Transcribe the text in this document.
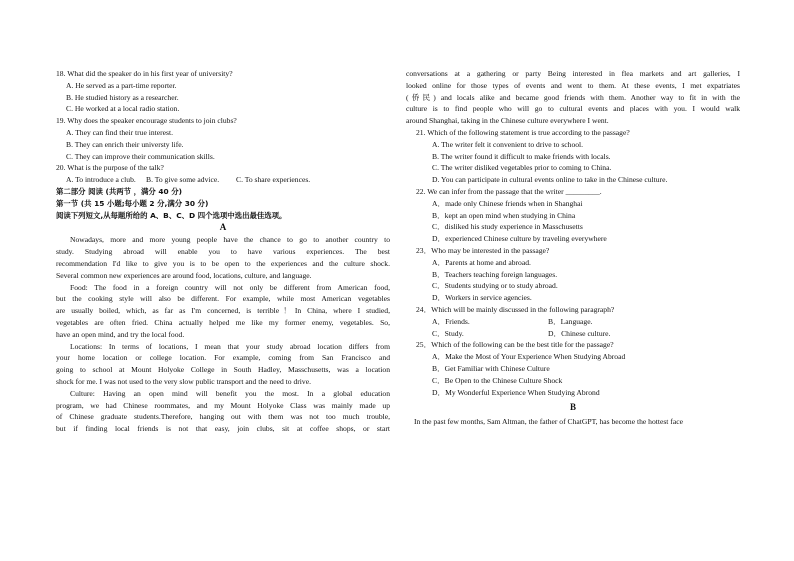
18. What did the speaker do in his first year of university?
A. He served as a part-time reporter.
B. He studied history as a researcher.
C. He worked at a local radio station.
19. Why does the speaker encourage students to join clubs?
A. They can find their true interest.
B. They can enrich their universty life.
C. They can improve their communication skills.
20. What is the purpose of the talk?
A. To introduce a club.	B. To give some advice.	C. To share experiences.
第二部分 阅读 (共两节 ，满分 40 分)
第一节 (共 15 小题;每小题 2 分,满分 30 分)
阅读下列短文,从每题所给的 A、B、C、D 四个选项中选出最佳选项。
A
Nowadays, more and more young people have the chance to go to another country to
study. Studying abroad will enable you to have various experiences. The best
recommendation I'd like to give you is to be open to the experiences and the culture shock.
Several common new experiences are around food, locations, culture, and language.
Food: The food in a foreign country will not only be different from American food,
but the cooking style will also be different. For example, while most American vegetables
are usually boiled, which, as far as I'm concerned, is terrible！In China, where I studied,
vegetables are often fried. China actually helped me like my former enemy, vegetables. So,
have an open mind, and try the local food.
Locations: In terms of locations, I mean that your study abroad location differs from
your home location or college location. For example, coming from San Francisco and
going to school at Mount Holyoke College in South Hadley, Masschusetts, was a location
shock for me. I was not used to the very slow public transport and the need to drive.
Culture: Having an open mind will benefit you the most. In a global education
program, we had Chinese roommates, and my Mount Holyoke Class was mainly made up
of Chinese graduate students.Therefore, hanging out with them was not too much trouble,
but if finding local friends is not that easy, join clubs, sit at coffee shops, or start
conversations at a gathering or party Being interested in flea markets and art galleries, I
looked online for those types of events and went to them. At these events, I met expatriates
(侨民) and locals alike and became good friends with them. Another way to fit in with the
culture is to find people who will go to cultural events and places with you. I would walk
around Shanghai, taking in the Chinese culture everywhere I went.
21. Which of the following statement is true according to the passage?
A. The writer felt it convenient to drive to school.
B. The writer found it difficult to make friends with locals.
C. The writer disliked vegetables prior to coming to China.
D. You can participate in cultural events online to take in the Chinese culture.
22. We can infer from the passage that the writer _________.
A．made only Chinese friends when in Shanghai
B．kept an open mind when studying in China
C．disliked his study experience in Masschusetts
D．experienced Chinese culture by traveling everywhere
23．Who may be interested in the passage?
A．Parents at home and abroad.
B．Teachers teaching foreign languages.
C．Students studying or to study abroad.
D．Workers in service agencies.
24．Which will be mainly discussed in the following paragraph?
A．Friends.	B．Language.
C．Study.	D．Chinese culture.
25．Which of the following can be the best title for the passage?
A．Make the Most of Your Experience When Studying Abroad
B．Get Familiar with Chinese Culture
C．Be Open to the Chinese Culture Shock
D．My Wonderful Experience When Studying Abrond
B
In the past few months, Sam Altman, the father of ChatGPT, has become the hottest face
